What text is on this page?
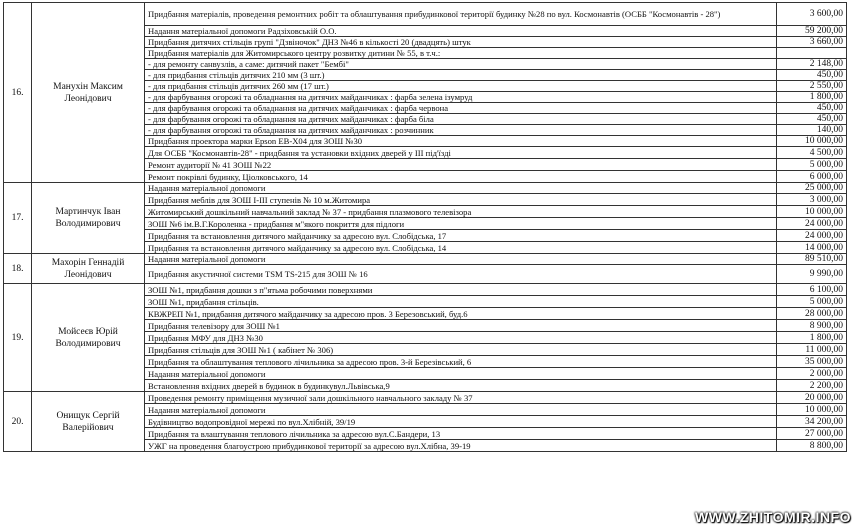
16.	Манухін Максим Леонідович	Придбання матеріалів, проведення ремонтних робіт та облаштування прибудинкової території будинку №28 по вул. Космонавтів (ОСББ "Космонавтів - 28")	3 600,00
		Надання матеріальної допомоги Радзіховській О.О.	59 200,00
		Придбання дитячих стільців групі "Дзвіночок" ДНЗ №46 в кількості 20 (двадцять) штук	3 660,00
		Придбання матеріалів для Житомирського центру розвитку дитини № 55, в т.ч.:	
		- для ремонту санвузлів, а саме: дитячий пакет "Бембі"	2 148,00
		- для придбання стільців дитячих 210 мм (3 шт.)	450,00
		- для придбання стільців дитячих 260 мм (17 шт.)	2 550,00
		- для фарбування огорожі та обладнання на дитячих майданчиках : фарба зелена ізумруд	1 800,00
		- для фарбування огорожі та обладнання на дитячих майданчиках : фарба червона	450,00
		- для фарбування огорожі та обладнання на дитячих майданчиках : фарба біла	450,00
		- для фарбування огорожі та обладнання на дитячих майданчиках : розчинник	140,00
		Придбання проектора марки Epson EB-X04 для ЗОШ №30	10 000,00
		Для ОСББ "Космонавтів-28" - придбання та установки вхідних дверей у ІІІ під'їзді	4 500,00
		Ремонт аудиторії № 41 ЗОШ №22	5 000,00
		Ремонт покрівлі будинку, Ціолковського, 14	6 000,00
17.	Мартинчук Іван Володимирович	Надання матеріальної допомоги	25 000,00
		Придбання меблів для ЗОШ І-ІІІ ступенів № 10 м.Житомира	3 000,00
		Житомирський дошкільний навчальний заклад № 37 - придбання плазмового телевізора	10 000,00
		ЗОШ №6 ім.В.Г.Короленка - придбання м"якого покриття для підлоги	24 000,00
		Придбання та встановлення дитячого майданчику за адресою вул. Слобідська, 17	24 000,00
		Придбання та встановлення дитячого майданчику за адресою вул. Слобідська, 14	14 000,00
18.	Махорін Геннадій Леонідович	Надання матеріальної допомоги	89 510,00
		Придбання акустичної системи TSM TS-215 для ЗОШ № 16	9 990,00
19.	Мойсеєв Юрій Володимирович	ЗОШ №1, придбання дошки з п"ятьма робочими поверхнями	6 100,00
		ЗОШ №1, придбання стільців.	5 000,00
		КВЖРЕП №1, придбання дитячого майданчику за адресою пров. 3 Березовський, буд.6	28 000,00
		Придбання телевізору для ЗОШ №1	8 900,00
		Придбання МФУ для ДНЗ №30	1 800,00
		Придбання стільців для ЗОШ №1 ( кабінет № 306)	11 000,00
		Придбання та облаштування теплового лічильника за адресою пров. 3-й Березівський, 6	35 000,00
		Надання матеріальної допомоги	2 000,00
		Встановлення вхідних дверей в будинок в будинкувул.Львівська,9	2 200,00
20.	Онищук Сергій Валерійович	Проведення ремонту приміщення музичної зали дошкільного навчального закладу № 37	20 000,00
		Надання матеріальної допомоги	10 000,00
		Будівництво водопровідної мережі по вул.Хлібній, 39/19	34 200,00
		Придбання та влаштування теплового лічильника за адресою вул.С.Бандери, 13	27 000,00
		УЖГ на проведення благоустрою прибудинкової території за адресою вул.Хлібна, 39-19	8 800,00
WWW.ZHITOMIR.INFO
